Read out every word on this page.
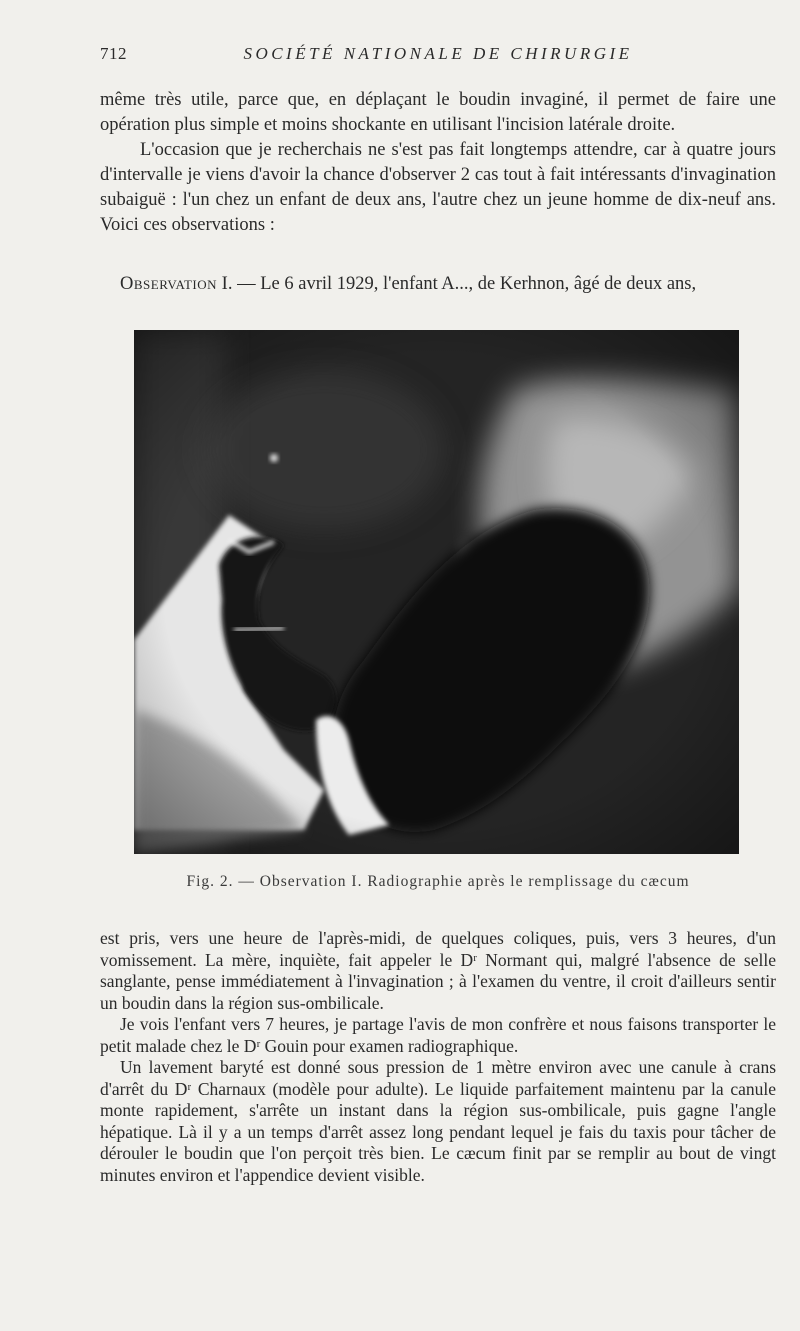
712	SOCIÉTÉ NATIONALE DE CHIRURGIE

même très utile, parce que, en déplaçant le boudin invaginé, il permet de faire une opération plus simple et moins shockante en utilisant l'incision latérale droite.

L'occasion que je recherchais ne s'est pas fait longtemps attendre, car à quatre jours d'intervalle je viens d'avoir la chance d'observer 2 cas tout à fait intéressants d'invagination subaiguë : l'un chez un enfant de deux ans, l'autre chez un jeune homme de dix-neuf ans. Voici ces observations :

Observation I. — Le 6 avril 1929, l'enfant A..., de Kerhnon, âgé de deux ans,
Fig. 2. — Observation I. Radiographie après le remplissage du cæcum

est pris, vers une heure de l'après-midi, de quelques coliques, puis, vers 3 heures, d'un vomissement. La mère, inquiète, fait appeler le Dʳ Normant qui, malgré l'absence de selle sanglante, pense immédiatement à l'invagination ; à l'examen du ventre, il croit d'ailleurs sentir un boudin dans la région sus-ombilicale.

Je vois l'enfant vers 7 heures, je partage l'avis de mon confrère et nous faisons transporter le petit malade chez le Dʳ Gouin pour examen radiographique.

Un lavement baryté est donné sous pression de 1 mètre environ avec une canule à crans d'arrêt du Dʳ Charnaux (modèle pour adulte). Le liquide parfaitement maintenu par la canule monte rapidement, s'arrête un instant dans la région sus-ombilicale, puis gagne l'angle hépatique. Là il y a un temps d'arrêt assez long pendant lequel je fais du taxis pour tâcher de dérouler le boudin que l'on perçoit très bien. Le cæcum finit par se remplir au bout de vingt minutes environ et l'appendice devient visible.
